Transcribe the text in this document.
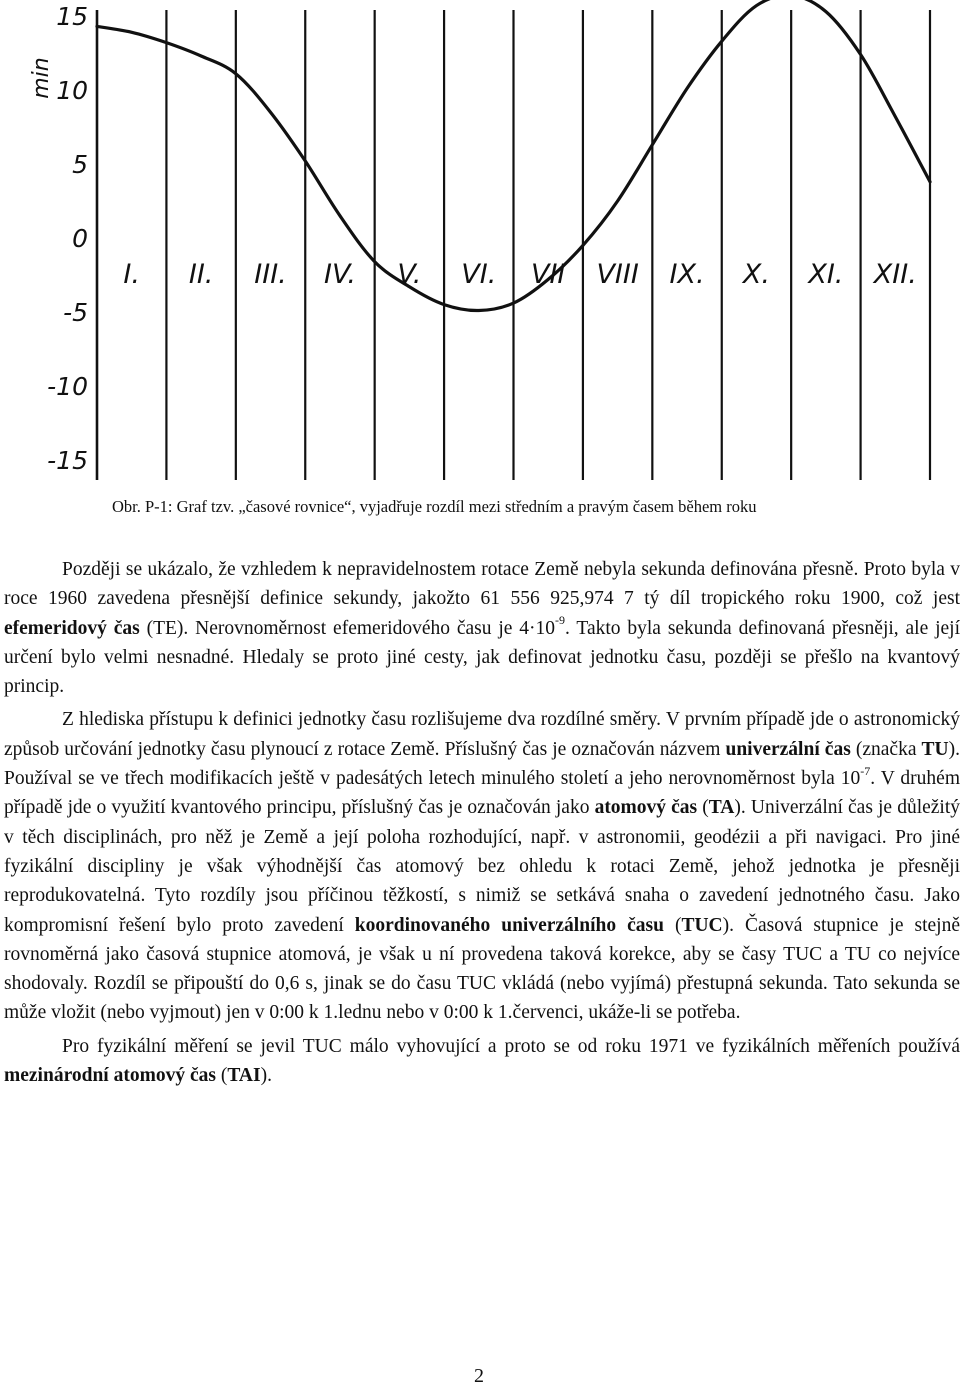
15
10
5
0
-5
-10
-15
I. II. III. IV. V. VI. VII VIII IX. X. XI. XII.
min
Obr. P-1: Graf tzv. „časové rovnice“, vyjadřuje rozdíl mezi středním a pravým časem během roku

Později se ukázalo, že vzhledem k nepravidelnostem rotace Země nebyla sekunda definována přesně. Proto byla v roce 1960 zavedena přesnější definice sekundy, jakožto 61 556 925,974 7 tý díl tropického roku 1900, což jest efemeridový čas (TE). Nerovnoměrnost efemeridového času je $4\cdot 10^{-9}$. Takto byla sekunda definovaná přesněji, ale její určení bylo velmi nesnadné. Hledaly se proto jiné cesty, jak definovat jednotku času, později se přešlo na kvantový princip.

Z hlediska přístupu k definici jednotky času rozlišujeme dva rozdílné směry. V prvním případě jde o astronomický způsob určování jednotky času plynoucí z rotace Země. Příslušný čas je označován názvem univerzální čas (značka TU). Používal se ve třech modifikacích ještě v padesátých letech minulého století a jeho nerovnoměrnost byla $10^{-7}$. V druhém případě jde o využití kvantového principu, příslušný čas je označován jako atomový čas (TA). Univerzální čas je důležitý v těch disciplinách, pro něž je Země a její poloha rozhodující, např. v astronomii, geodézii a při navigaci. Pro jiné fyzikální discipliny je však výhodnější čas atomový bez ohledu k rotaci Země, jehož jednotka je přesněji reprodukovatelná. Tyto rozdíly jsou příčinou těžkostí, s nimiž se setkává snaha o zavedení jednotného času. Jako kompromisní řešení bylo proto zavedení koordinovaného univerzálního času (TUC). Časová stupnice je stejně rovnoměrná jako časová stupnice atomová, je však u ní provedena taková korekce, aby se časy TUC a TU co nejvíce shodovaly. Rozdíl se připouští do 0,6 s, jinak se do času TUC vkládá (nebo vyjímá) přestupná sekunda. Tato sekunda se může vložit (nebo vyjmout) jen v 0:00 k 1.lednu nebo v 0:00 k 1.červenci, ukáže-li se potřeba.

Pro fyzikální měření se jevil TUC málo vyhovující a proto se od roku 1971 ve fyzikálních měřeních používá mezinárodní atomový čas (TAI).

2
